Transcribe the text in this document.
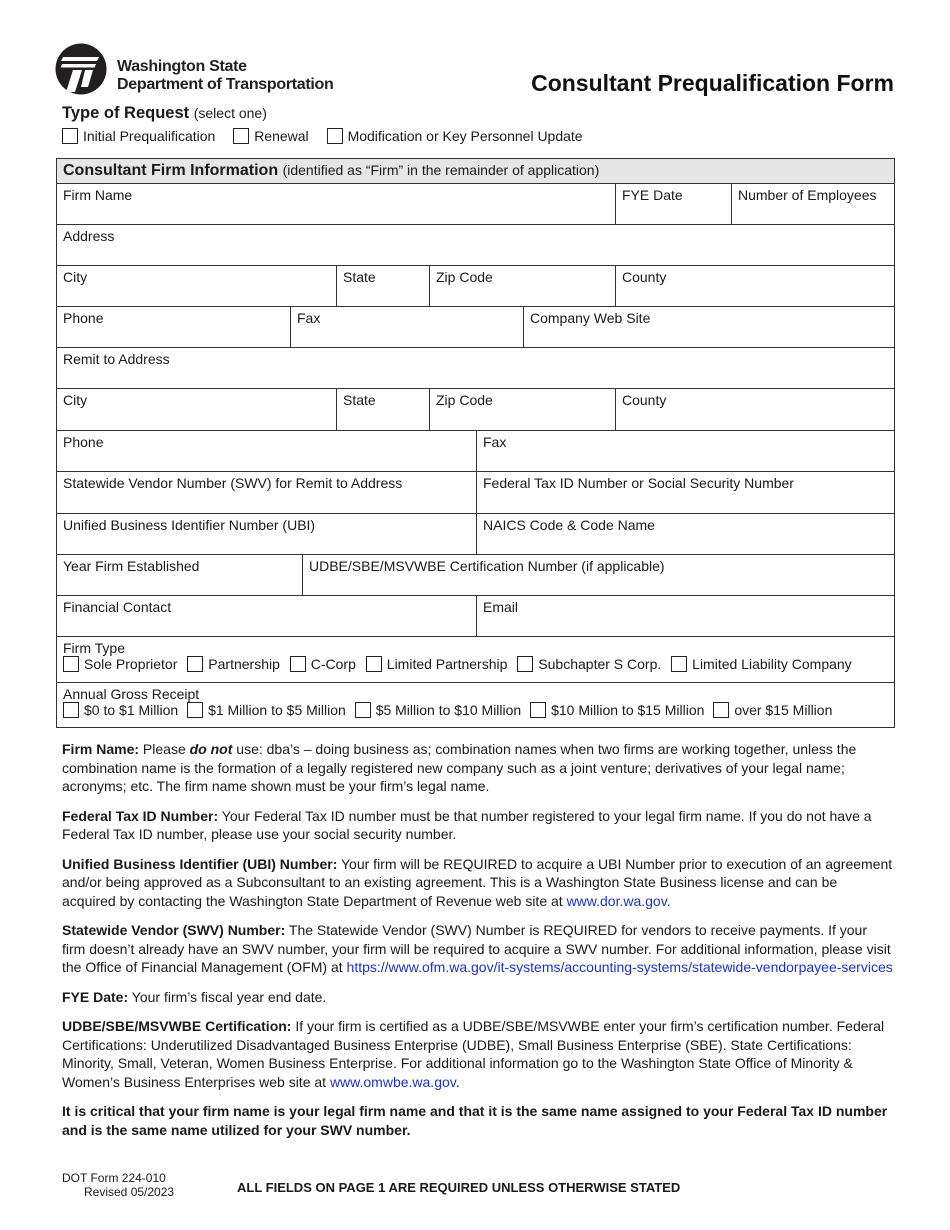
Washington State
Department of Transportation	Consultant Prequalification Form
Type of Request (select one)
Initial Prequalification	Renewal	Modification or Key Personnel Update
Consultant Firm Information (identified as “Firm” in the remainder of application)
Firm Name	FYE Date	Number of Employees
Address
City	State	Zip Code	County
Phone	Fax	Company Web Site
Remit to Address
City	State	Zip Code	County
Phone	Fax
Statewide Vendor Number (SWV) for Remit to Address	Federal Tax ID Number or Social Security Number
Unified Business Identifier Number (UBI)	NAICS Code & Code Name
Year Firm Established	UDBE/SBE/MSVWBE Certification Number (if applicable)
Financial Contact	Email
Firm Type
Sole Proprietor Partnership C-Corp Limited Partnership Subchapter S Corp. Limited Liability Company
Annual Gross Receipt
$0 to $1 Million $1 Million to $5 Million $5 Million to $10 Million $10 Million to $15 Million over $15 Million

Firm Name: Please do not use: dba’s – doing business as; combination names when two firms are working together, unless the combination name is the formation of a legally registered new company such as a joint venture; derivatives of your legal name; acronyms; etc. The firm name shown must be your firm’s legal name.

Federal Tax ID Number: Your Federal Tax ID number must be that number registered to your legal firm name. If you do not have a Federal Tax ID number, please use your social security number.

Unified Business Identifier (UBI) Number: Your firm will be REQUIRED to acquire a UBI Number prior to execution of an agreement and/or being approved as a Subconsultant to an existing agreement. This is a Washington State Business license and can be acquired by contacting the Washington State Department of Revenue web site at www.dor.wa.gov.

Statewide Vendor (SWV) Number: The Statewide Vendor (SWV) Number is REQUIRED for vendors to receive payments. If your firm doesn’t already have an SWV number, your firm will be required to acquire a SWV number. For additional information, please visit the Office of Financial Management (OFM) at https://www.ofm.wa.gov/it-systems/accounting-systems/statewide-vendorpayee-services

FYE Date: Your firm’s fiscal year end date.

UDBE/SBE/MSVWBE Certification: If your firm is certified as a UDBE/SBE/MSVWBE enter your firm’s certification number. Federal Certifications: Underutilized Disadvantaged Business Enterprise (UDBE), Small Business Enterprise (SBE). State Certifications: Minority, Small, Veteran, Women Business Enterprise. For additional information go to the Washington State Office of Minority & Women’s Business Enterprises web site at www.omwbe.wa.gov.

It is critical that your firm name is your legal firm name and that it is the same name assigned to your Federal Tax ID number and is the same name utilized for your SWV number.

DOT Form 224-010
Revised 05/2023	ALL FIELDS ON PAGE 1 ARE REQUIRED UNLESS OTHERWISE STATED
